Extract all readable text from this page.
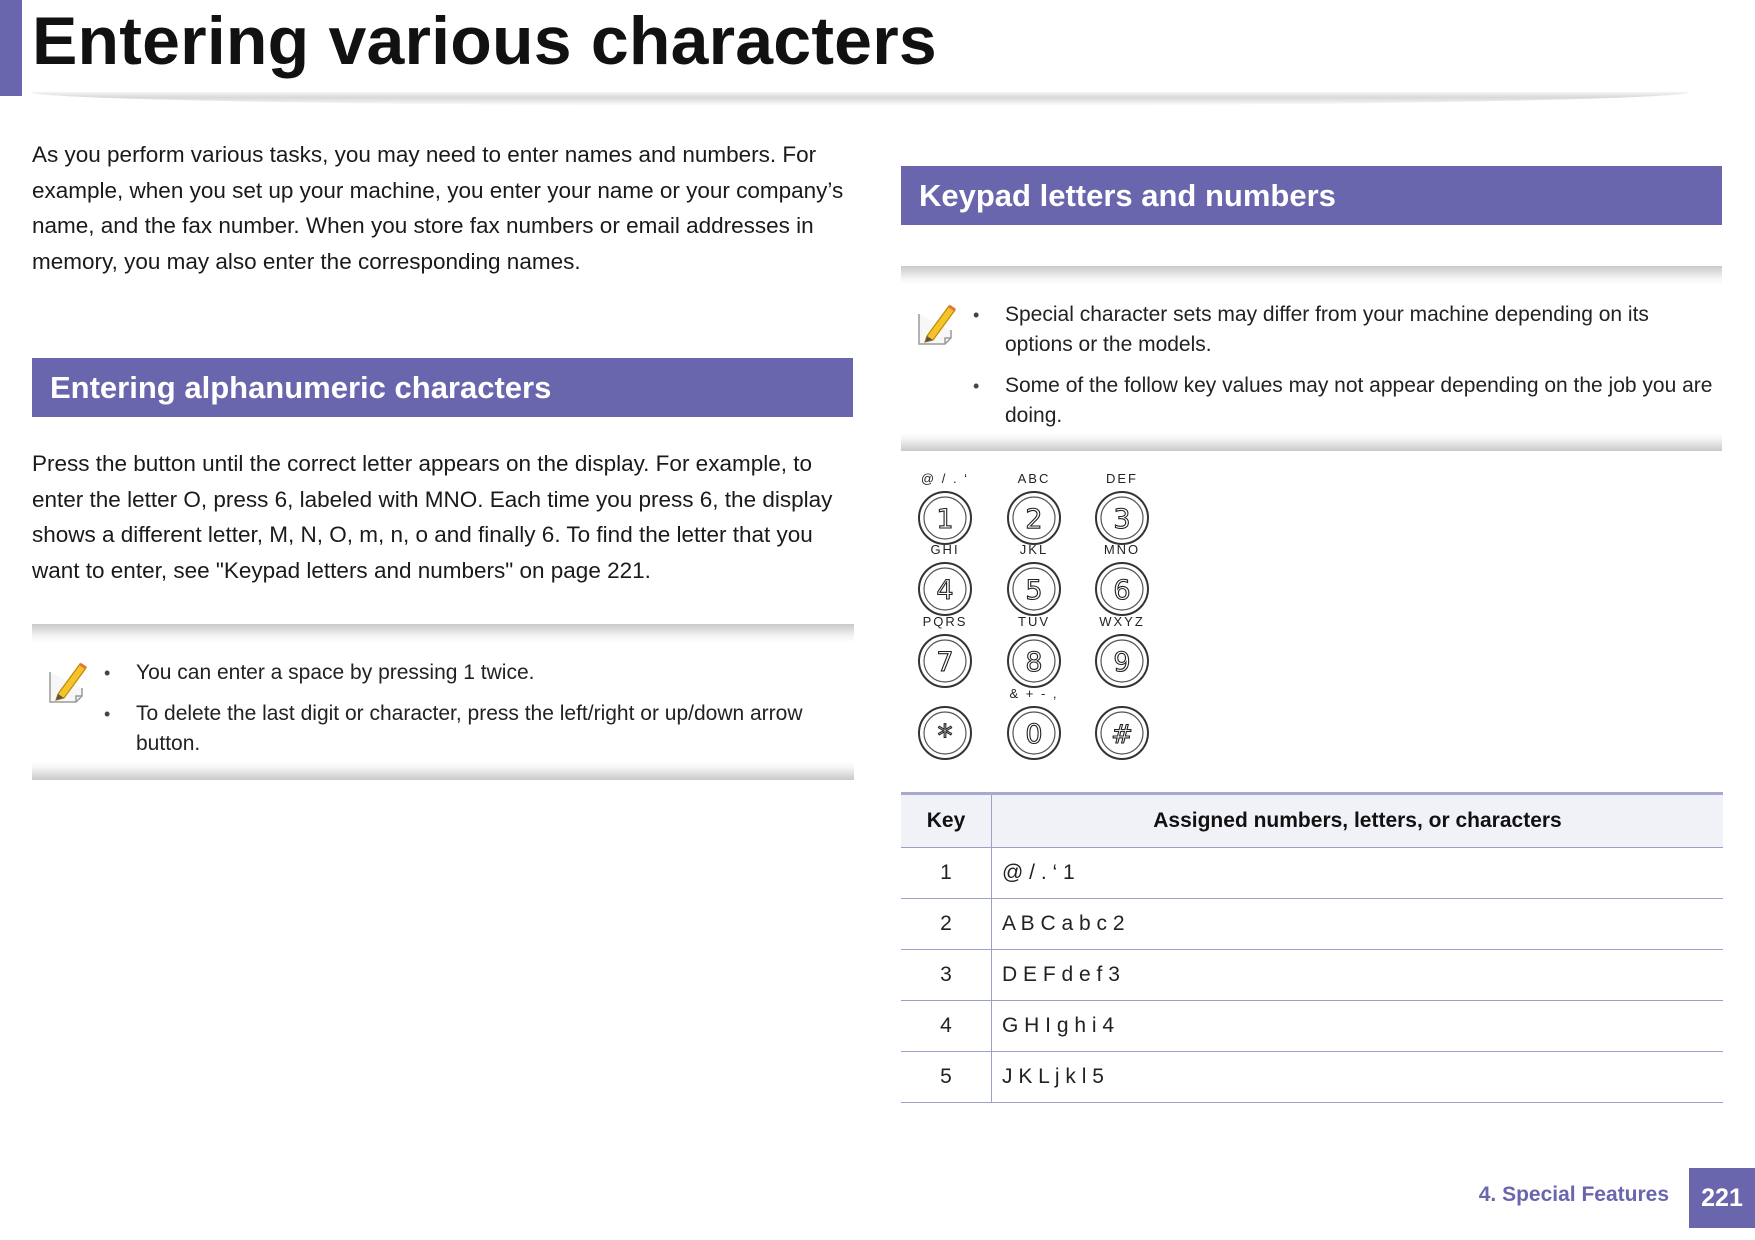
Entering various characters

As you perform various tasks, you may need to enter names and numbers. For example, when you set up your machine, you enter your name or your company’s name, and the fax number. When you store fax numbers or email addresses in memory, you may also enter the corresponding names.

Entering alphanumeric characters

Press the button until the correct letter appears on the display. For example, to enter the letter O, press 6, labeled with MNO. Each time you press 6, the display shows a different letter, M, N, O, m, n, o and finally 6. To find the letter that you want to enter, see "Keypad letters and numbers" on page 221.

• You can enter a space by pressing 1 twice.
• To delete the last digit or character, press the left/right or up/down arrow button.
Keypad letters and numbers
• Special character sets may differ from your machine depending on its options or the models.
• Some of the follow key values may not appear depending on the job you are doing.
@ / . ‘
1
ABC
2
DEF
3
GHI
4
JKL
5
MNO
6
PQRS
7
TUV
8
WXYZ
9
*
& + - ,
0	#
Key	Assigned numbers, letters, or characters
1	@ / . ‘ 1
2	A B C a b c 2
3	D E F d e f 3
4	G H I g h i 4
5	J K L j k l 5
4. Special Features	221
